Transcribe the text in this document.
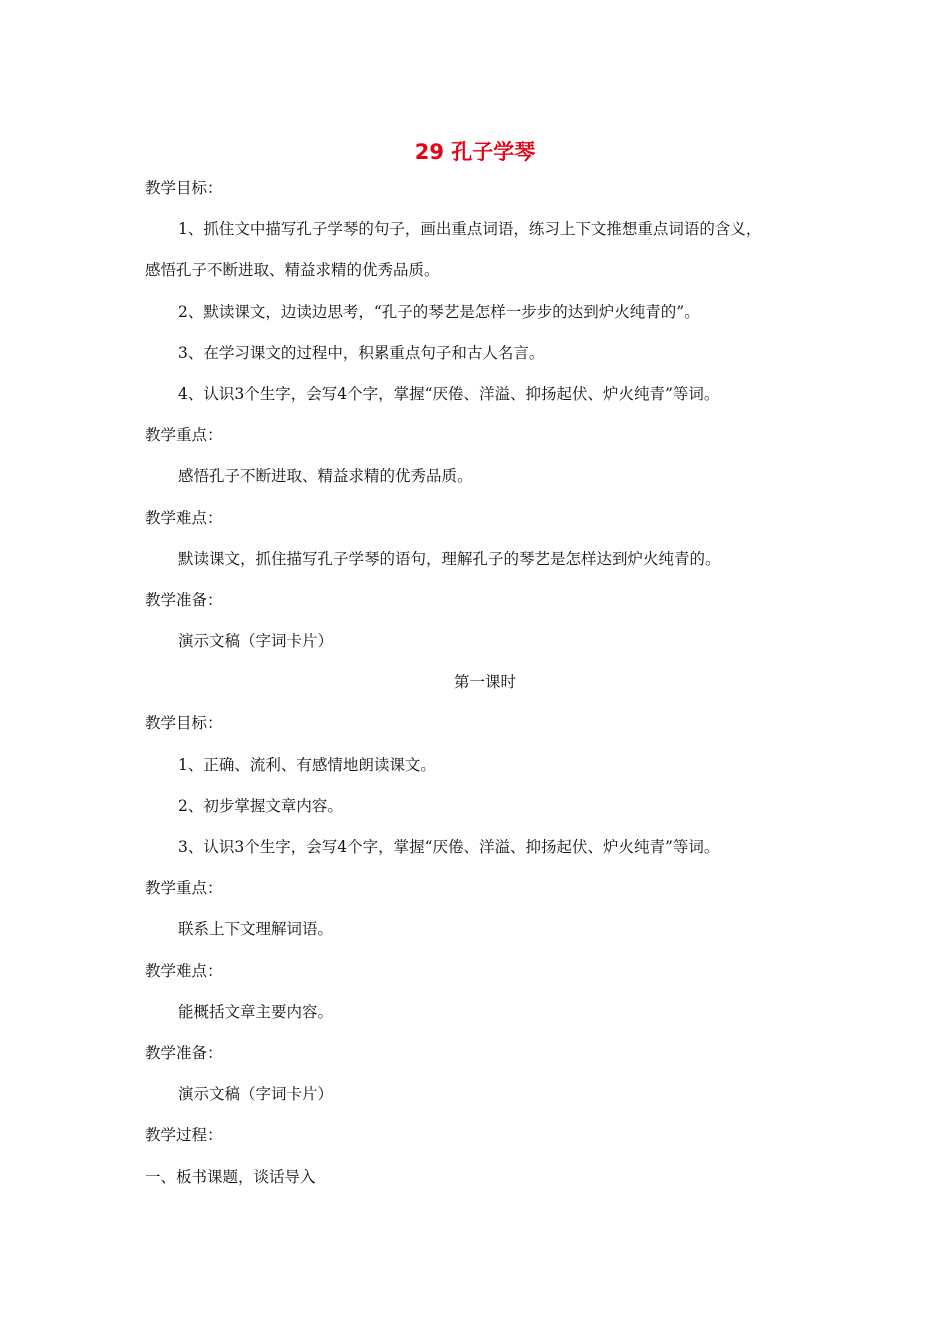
29 孔子学琴
教学目标：
1、抓住文中描写孔子学琴的句子，画出重点词语，练习上下文推想重点词语的含义，
感悟孔子不断进取、精益求精的优秀品质。
2、默读课文，边读边思考，“孔子的琴艺是怎样一步步的达到炉火纯青的”。
3、在学习课文的过程中，积累重点句子和古人名言。
4、认识3个生字，会写4个字，掌握“厌倦、洋溢、抑扬起伏、炉火纯青”等词。
教学重点：
感悟孔子不断进取、精益求精的优秀品质。
教学难点：
默读课文，抓住描写孔子学琴的语句，理解孔子的琴艺是怎样达到炉火纯青的。
教学准备：
演示文稿（字词卡片）
第一课时
教学目标：
1、正确、流利、有感情地朗读课文。
2、初步掌握文章内容。
3、认识3个生字，会写4个字，掌握“厌倦、洋溢、抑扬起伏、炉火纯青”等词。
教学重点：
联系上下文理解词语。
教学难点：
能概括文章主要内容。
教学准备：
演示文稿（字词卡片）
教学过程：
一、板书课题，谈话导入
